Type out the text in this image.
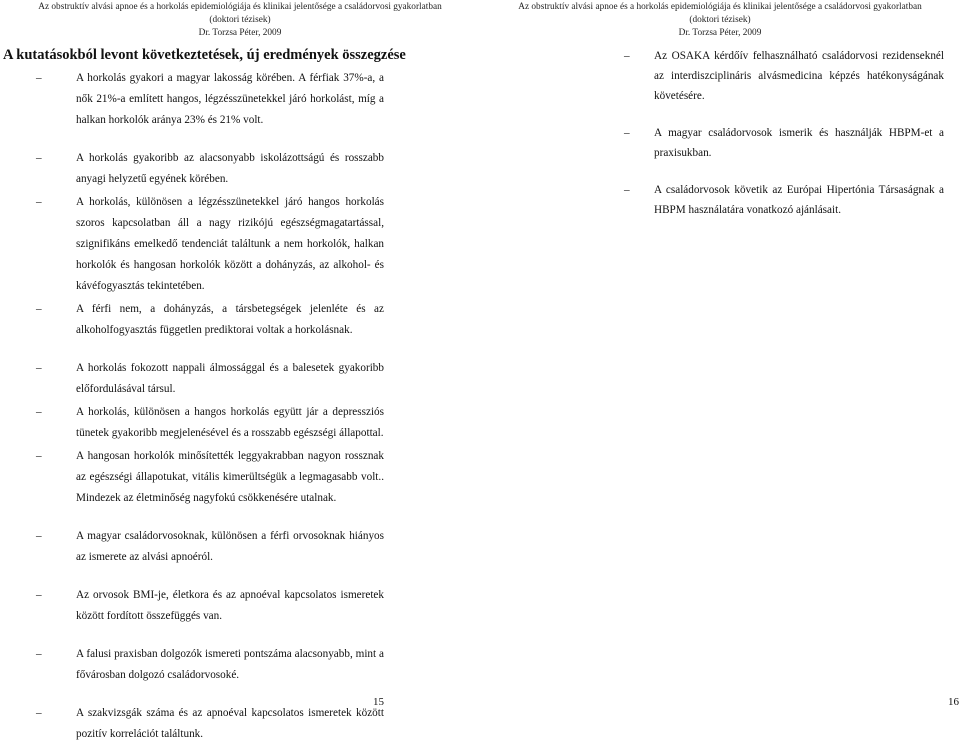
Az obstruktív alvási apnoe és a horkolás epidemiológiája és klinikai jelentősége a családorvosi gyakorlatban
(doktori tézisek)
Dr. Torzsa Péter, 2009
A kutatásokból levont következtetések, új eredmények összegzése
–	A horkolás gyakori a magyar lakosság körében. A férfiak 37%-a, a nők 21%-a említett hangos, légzésszünetekkel járó horkolást, míg a halkan horkolók aránya 23% és 21% volt.
–	A horkolás gyakoribb az alacsonyabb iskolázottságú és rosszabb anyagi helyzetű egyének körében.
–	A horkolás, különösen a légzésszünetekkel járó hangos horkolás szoros kapcsolatban áll a nagy rizikójú egészségmagatartással, szignifikáns emelkedő tendenciát találtunk a nem horkolók, halkan horkolók és hangosan horkolók között a dohányzás, az alkohol- és kávéfogyasztás tekintetében.
–	A férfi nem, a dohányzás, a társbetegségek jelenléte és az alkoholfogyasztás független prediktorai voltak a horkolásnak.
–	A horkolás fokozott nappali álmossággal és a balesetek gyakoribb előfordulásával társul.
–	A horkolás, különösen a hangos horkolás együtt jár a depressziós tünetek gyakoribb megjelenésével és a rosszabb egészségi állapottal.
–	A hangosan horkolók minősítették leggyakrabban nagyon rossznak az egészségi állapotukat, vitális kimerültségük a legmagasabb volt.. Mindezek az életminőség nagyfokú csökkenésére utalnak.
–	A magyar családorvosoknak, különösen a férfi orvosoknak hiányos az ismerete az alvási apnoéról.
–	Az orvosok BMI-je, életkora és az apnoéval kapcsolatos ismeretek között fordított összefüggés van.
–	A falusi praxisban dolgozók ismereti pontszáma alacsonyabb, mint a fővárosban dolgozó családorvosoké.
–	A szakvizsgák száma és az apnoéval kapcsolatos ismeretek között pozitív korrelációt találtunk.
15
Az obstruktív alvási apnoe és a horkolás epidemiológiája és klinikai jelentősége a családorvosi gyakorlatban
(doktori tézisek)
Dr. Torzsa Péter, 2009
–	Az OSAKA kérdőív felhasználható családorvosi rezidenseknél az interdiszciplináris alvásmedicina képzés hatékonyságának követésére.
–	A magyar családorvosok ismerik és használják HBPM-et a praxisukban.
–	A családorvosok követik az Európai Hipertónia Társaságnak a HBPM használatára vonatkozó ajánlásait.
16
